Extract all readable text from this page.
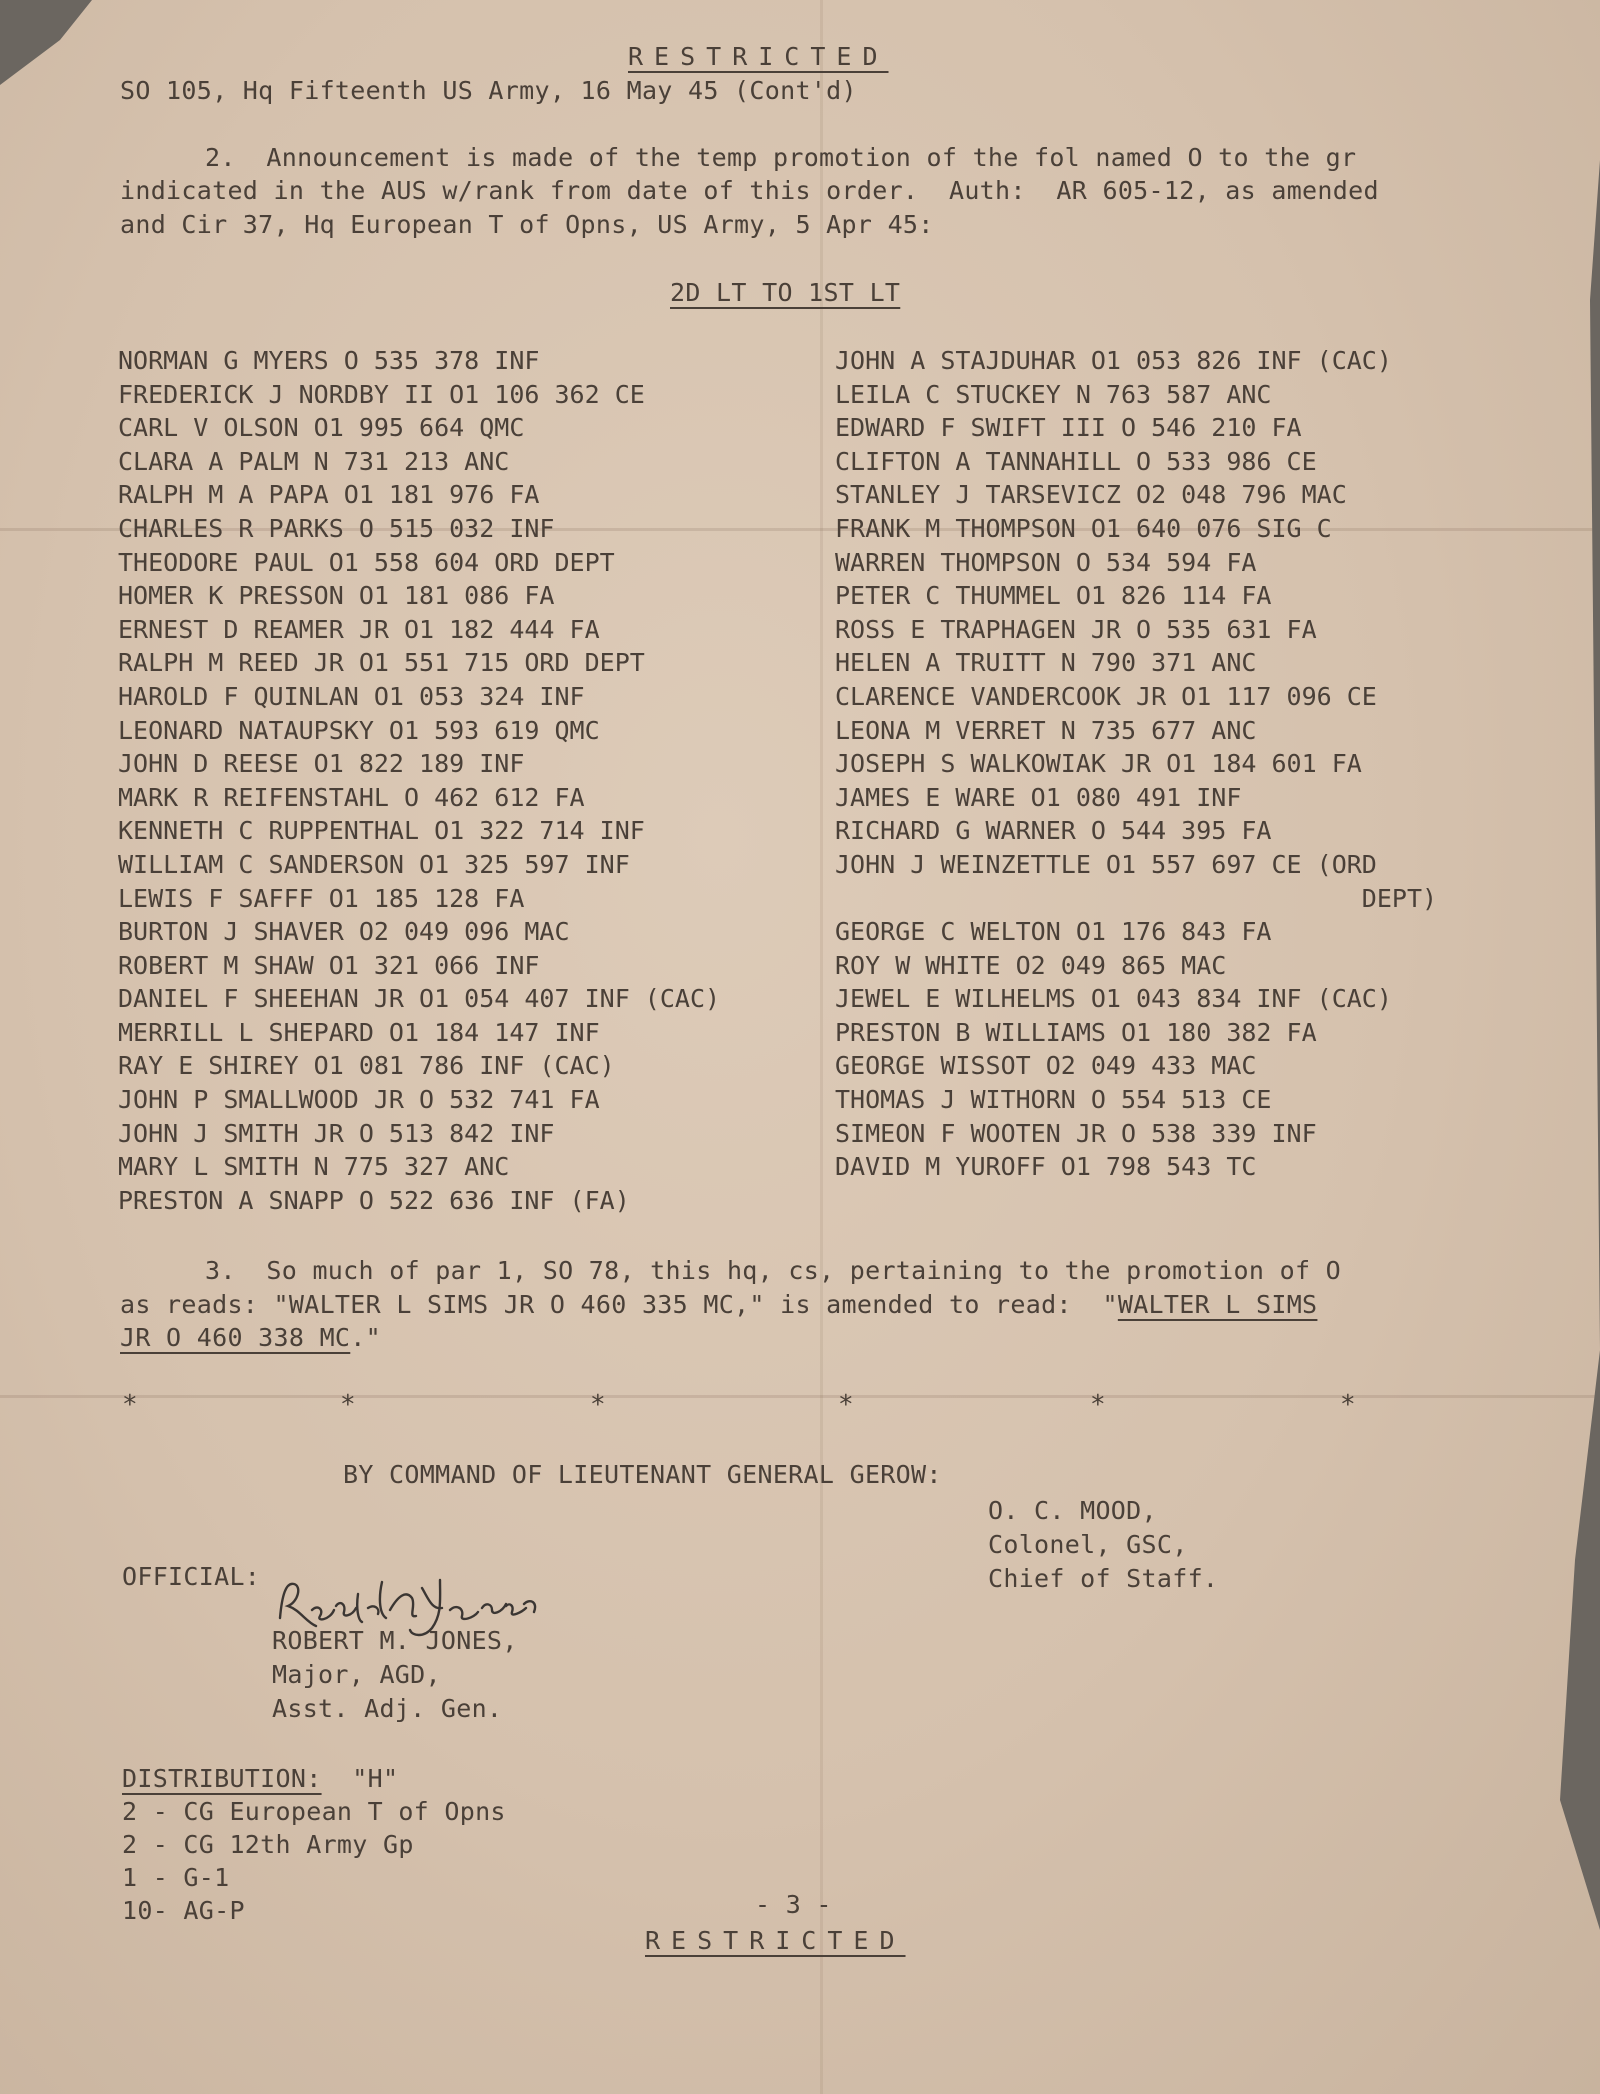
RESTRICTED
SO 105, Hq Fifteenth US Army, 16 May 45 (Cont'd)
2.  Announcement is made of the temp promotion of the fol named O to the gr
indicated in the AUS w/rank from date of this order.  Auth:  AR 605-12, as amended
and Cir 37, Hq European T of Opns, US Army, 5 Apr 45:
2D LT TO 1ST LT
NORMAN G MYERS O 535 378 INF
FREDERICK J NORDBY II O1 106 362 CE
CARL V OLSON O1 995 664 QMC
CLARA A PALM N 731 213 ANC
RALPH M A PAPA O1 181 976 FA
CHARLES R PARKS O 515 032 INF
THEODORE PAUL O1 558 604 ORD DEPT
HOMER K PRESSON O1 181 086 FA
ERNEST D REAMER JR O1 182 444 FA
RALPH M REED JR O1 551 715 ORD DEPT
HAROLD F QUINLAN O1 053 324 INF
LEONARD NATAUPSKY O1 593 619 QMC
JOHN D REESE O1 822 189 INF
MARK R REIFENSTAHL O 462 612 FA
KENNETH C RUPPENTHAL O1 322 714 INF
WILLIAM C SANDERSON O1 325 597 INF
LEWIS F SAFFF O1 185 128 FA
BURTON J SHAVER O2 049 096 MAC
ROBERT M SHAW O1 321 066 INF
DANIEL F SHEEHAN JR O1 054 407 INF (CAC)
MERRILL L SHEPARD O1 184 147 INF
RAY E SHIREY O1 081 786 INF (CAC)
JOHN P SMALLWOOD JR O 532 741 FA
JOHN J SMITH JR O 513 842 INF
MARY L SMITH N 775 327 ANC
PRESTON A SNAPP O 522 636 INF (FA)
JOHN A STAJDUHAR O1 053 826 INF (CAC)
LEILA C STUCKEY N 763 587 ANC
EDWARD F SWIFT III O 546 210 FA
CLIFTON A TANNAHILL O 533 986 CE
STANLEY J TARSEVICZ O2 048 796 MAC
FRANK M THOMPSON O1 640 076 SIG C
WARREN THOMPSON O 534 594 FA
PETER C THUMMEL O1 826 114 FA
ROSS E TRAPHAGEN JR O 535 631 FA
HELEN A TRUITT N 790 371 ANC
CLARENCE VANDERCOOK JR O1 117 096 CE
LEONA M VERRET N 735 677 ANC
JOSEPH S WALKOWIAK JR O1 184 601 FA
JAMES E WARE O1 080 491 INF
RICHARD G WARNER O 544 395 FA
JOHN J WEINZETTLE O1 557 697 CE (ORD
DEPT)
GEORGE C WELTON O1 176 843 FA
ROY W WHITE O2 049 865 MAC
JEWEL E WILHELMS O1 043 834 INF (CAC)
PRESTON B WILLIAMS O1 180 382 FA
GEORGE WISSOT O2 049 433 MAC
THOMAS J WITHORN O 554 513 CE
SIMEON F WOOTEN JR O 538 339 INF
DAVID M YUROFF O1 798 543 TC
3.  So much of par 1, SO 78, this hq, cs, pertaining to the promotion of O
as reads: "WALTER L SIMS JR O 460 335 MC," is amended to read:  "WALTER L SIMS
JR O 460 338 MC."
*	*	*	*	*	*
BY COMMAND OF LIEUTENANT GENERAL GEROW:
O. C. MOOD,
Colonel, GSC,
Chief of Staff.
OFFICIAL:
ROBERT M. JONES,
Major, AGD,
Asst. Adj. Gen.
DISTRIBUTION:  "H"
2 - CG European T of Opns
2 - CG 12th Army Gp
1 - G-1
10- AG-P	- 3 -
RESTRICTED
